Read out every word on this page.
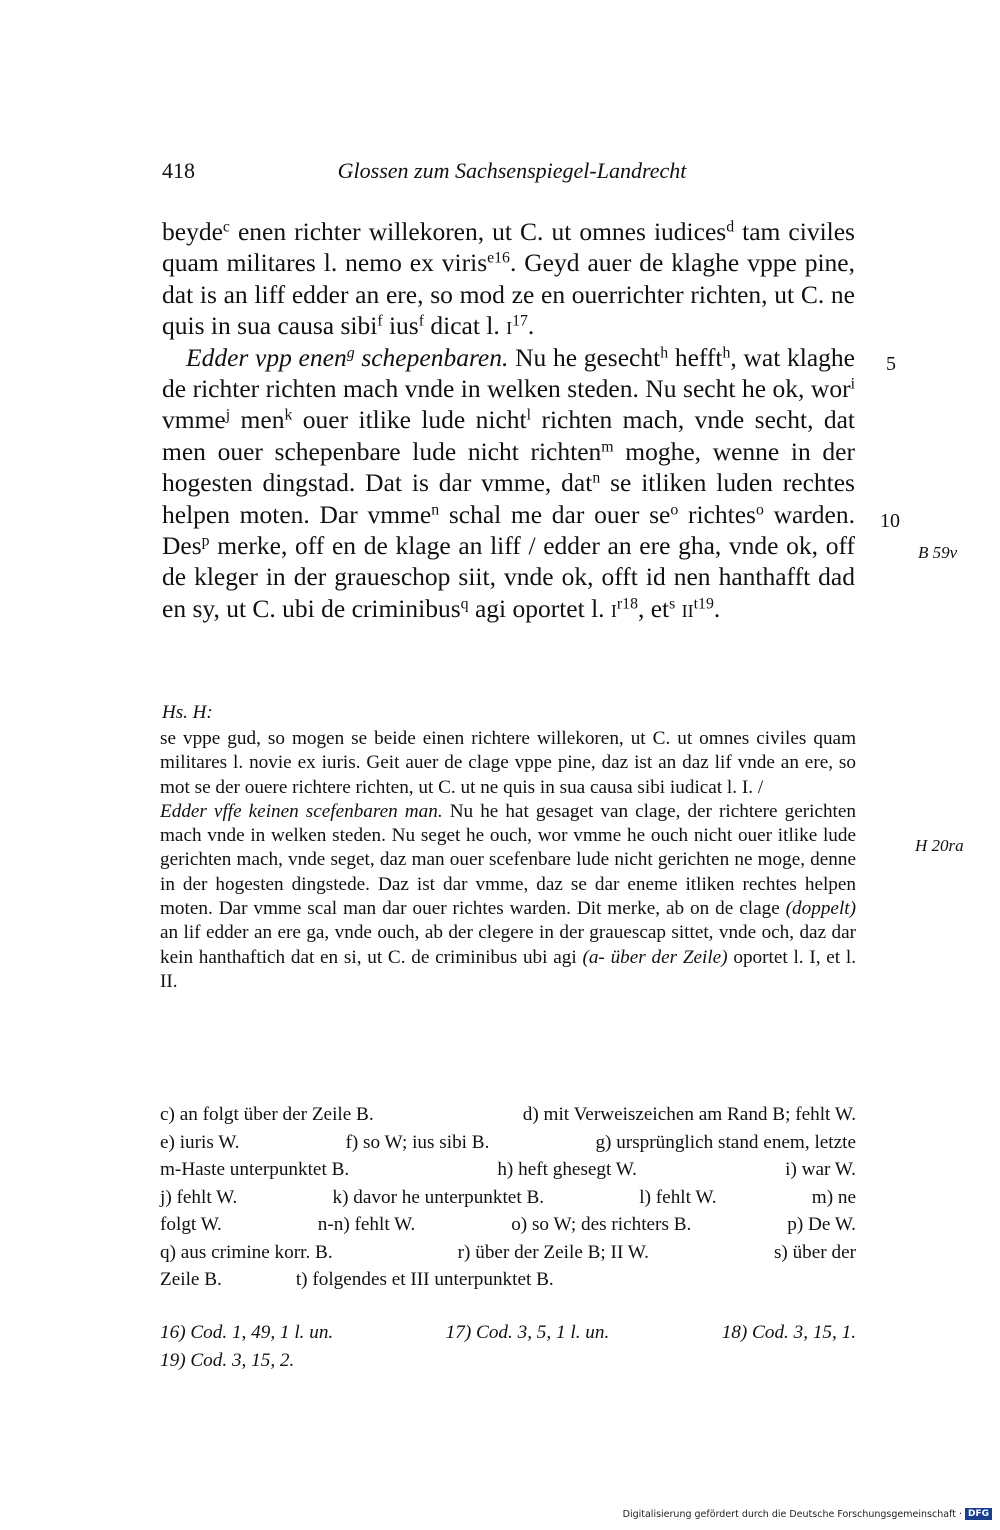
418	Glossen zum Sachsenspiegel-Landrecht

beyde$^c$ enen richter willekoren, ut C. ut omnes iudices$^d$ tam civiles quam militares l. nemo ex viris$^{e16}$. Geyd auer de klaghe vppe pine, dat is an liff edder an ere, so mod ze en ouerrichter richten, ut C. ne quis in sua causa sibi$^f$ ius$^f$ dicat l. $i^{17}$.

Edder vpp enen$^g$ schepenbaren. Nu he gesecht$^h$ hefft$^h$, wat klaghe de richter richten mach vnde in welken steden. Nu secht he ok, wor$^i$ vmme$^j$ men$^k$ ouer itlike lude nicht$^l$ richten mach, vnde secht, dat men ouer schepenbare lude nicht richten$^m$ moghe, wenne in der hogesten dingstad. Dat is dar vmme, dat$^n$ se itliken luden rechtes helpen moten. Dar vmme$^n$ schal me dar ouer $se^o$ richtes$^o$ warden. Des$^p$ merke, off en de klage an liff / edder an ere gha, vnde ok, off de kleger in der graueschop siit, vnde ok, offt id nen hanthafft dad en sy, ut C. ubi de criminibus$^q$ agi oportet l. $i^{r18}$, $et^s$ $ii^{t19}$.

5
10
B 59v
H 20ra
Hs. H:

se vppe gud, so mogen se beide einen richtere willekoren, ut C. ut omnes civiles quam militares l. novie ex iuris. Geit auer de clage vppe pine, daz ist an daz lif vnde an ere, so mot se der ouere richtere richten, ut C. ut ne quis in sua causa sibi iudicat l. I. /

Edder vffe keinen scefenbaren man. Nu he hat gesaget van clage, der richtere gerichten mach vnde in welken steden. Nu seget he ouch, wor vmme he ouch nicht ouer itlike lude gerichten mach, vnde seget, daz man ouer scefenbare lude nicht gerichten ne moge, denne in der hogesten dingstede. Daz ist dar vmme, daz se dar eneme itliken rechtes helpen moten. Dar vmme scal man dar ouer richtes warden. Dit merke, ab on de clage (doppelt) an lif edder an ere ga, vnde ouch, ab der clegere in der grauescap sittet, vnde och, daz dar kein hanthaftich dat en si, ut C. de criminibus ubi agi (a- über der Zeile) oportet l. I, et l. II.

c) an folgt über der Zeile B.	d) mit Verweiszeichen am Rand B; fehlt W.
e) iuris W.	f) so W; ius sibi B.	g) ursprünglich stand enem, letzte
m-Haste unterpunktet B.	h) heft ghesegt W.	i) war W.
j) fehlt W.	k) davor he unterpunktet B.	l) fehlt W.	m) ne
folgt W.	n-n) fehlt W.	o) so W; des richters B.	p) De W.
q) aus crimine korr. B.	r) über der Zeile B; II W.	s) über der
Zeile B.	t) folgendes et III unterpunktet B.
16) Cod. 1, 49, 1 l. un.	17) Cod. 3, 5, 1 l. un.	18) Cod. 3, 15, 1.
19) Cod. 3, 15, 2.
Digitalisierung gefördert durch die Deutsche Forschungsgemeinschaft · DFG
